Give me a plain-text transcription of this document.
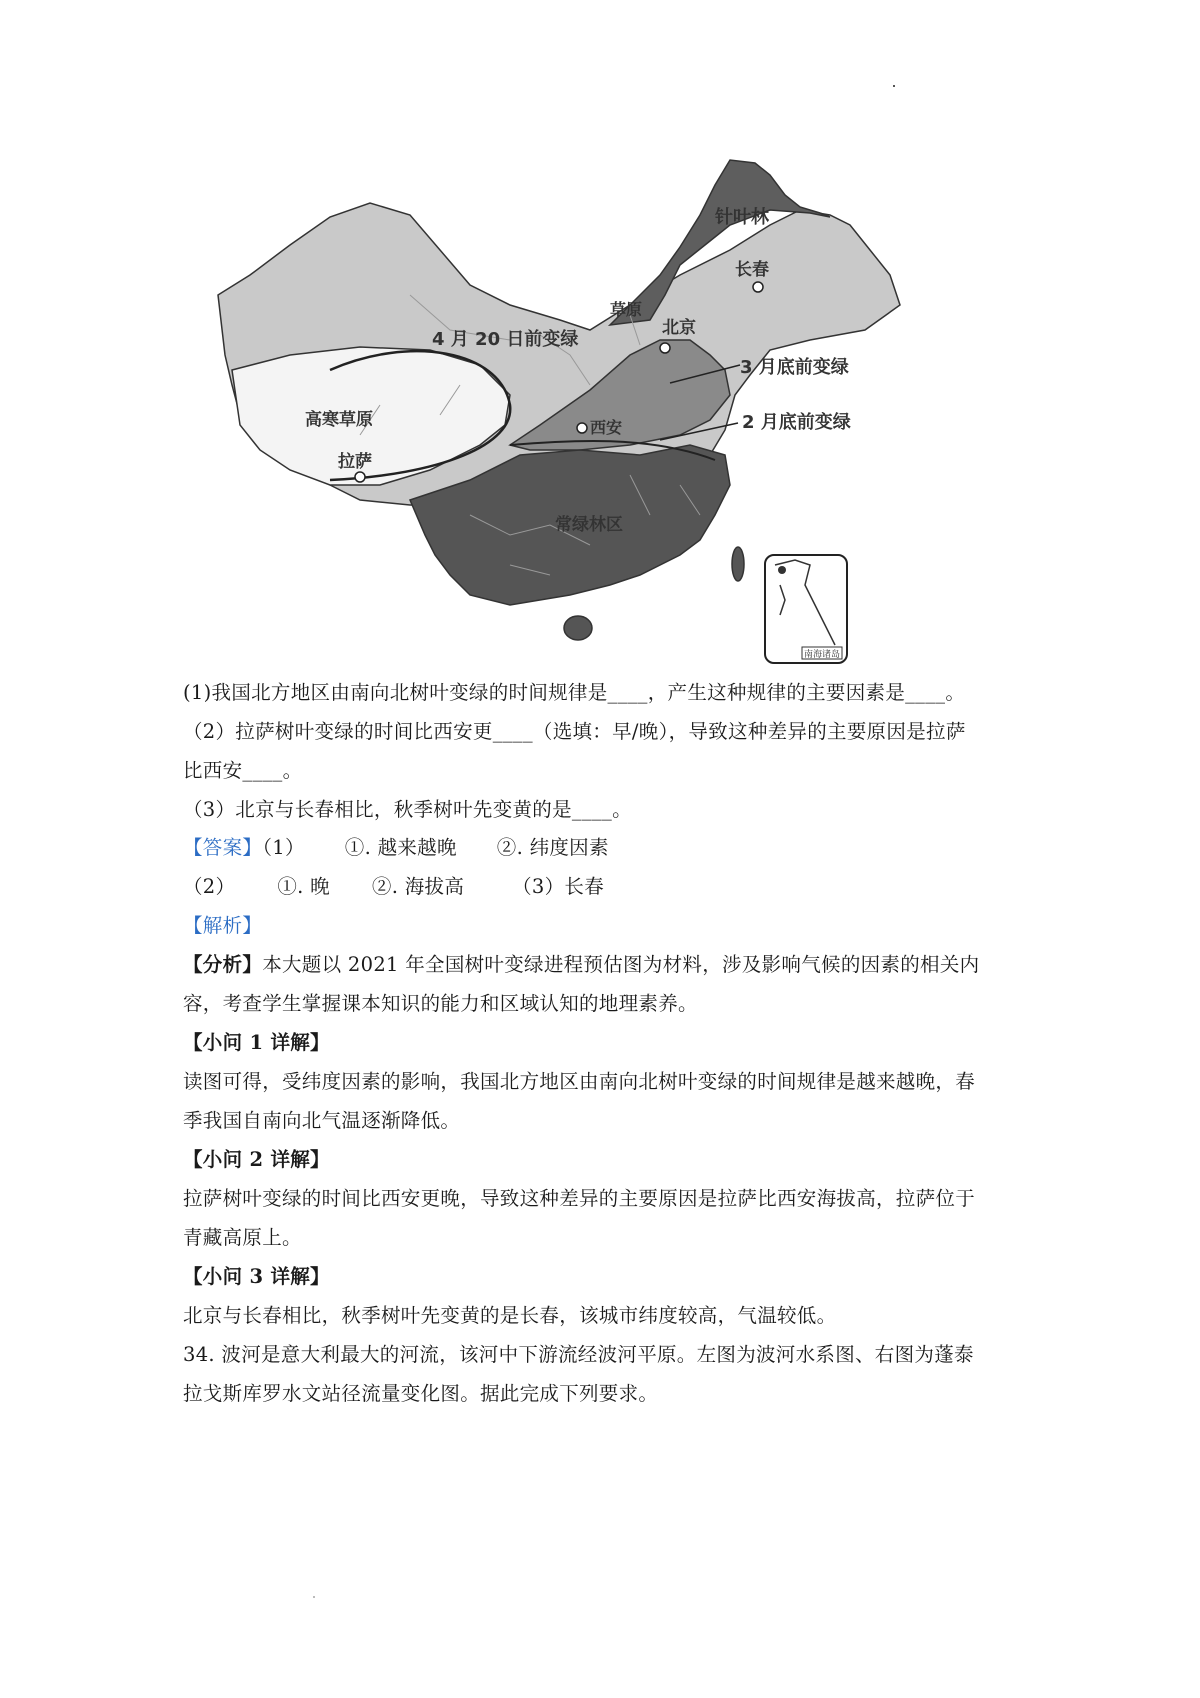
针叶林
长春
草原
北京
4 月 20 日前变绿
3 月底前变绿
2 月底前变绿
高寒草原	西安
拉萨
常绿林区
南海诸岛
(1)我国北方地区由南向北树叶变绿的时间规律是____，产生这种规律的主要因素是____。
（2）拉萨树叶变绿的时间比西安更____（选填：早/晚），导致这种差异的主要原因是拉萨
比西安____。
（3）北京与长春相比，秋季树叶先变黄的是____。
【答案】（1） ①. 越来越晚 ②. 纬度因素
（2） ①. 晚 ②. 海拔高 （3）长春
【解析】
【分析】本大题以 2021 年全国树叶变绿进程预估图为材料，涉及影响气候的因素的相关内
容，考查学生掌握课本知识的能力和区域认知的地理素养。
【小问 1 详解】
读图可得，受纬度因素的影响，我国北方地区由南向北树叶变绿的时间规律是越来越晚，春
季我国自南向北气温逐渐降低。
【小问 2 详解】
拉萨树叶变绿的时间比西安更晚，导致这种差异的主要原因是拉萨比西安海拔高，拉萨位于
青藏高原上。
【小问 3 详解】
北京与长春相比，秋季树叶先变黄的是长春，该城市纬度较高，气温较低。
34. 波河是意大利最大的河流，该河中下游流经波河平原。左图为波河水系图、右图为蓬泰
拉戈斯库罗水文站径流量变化图。据此完成下列要求。
